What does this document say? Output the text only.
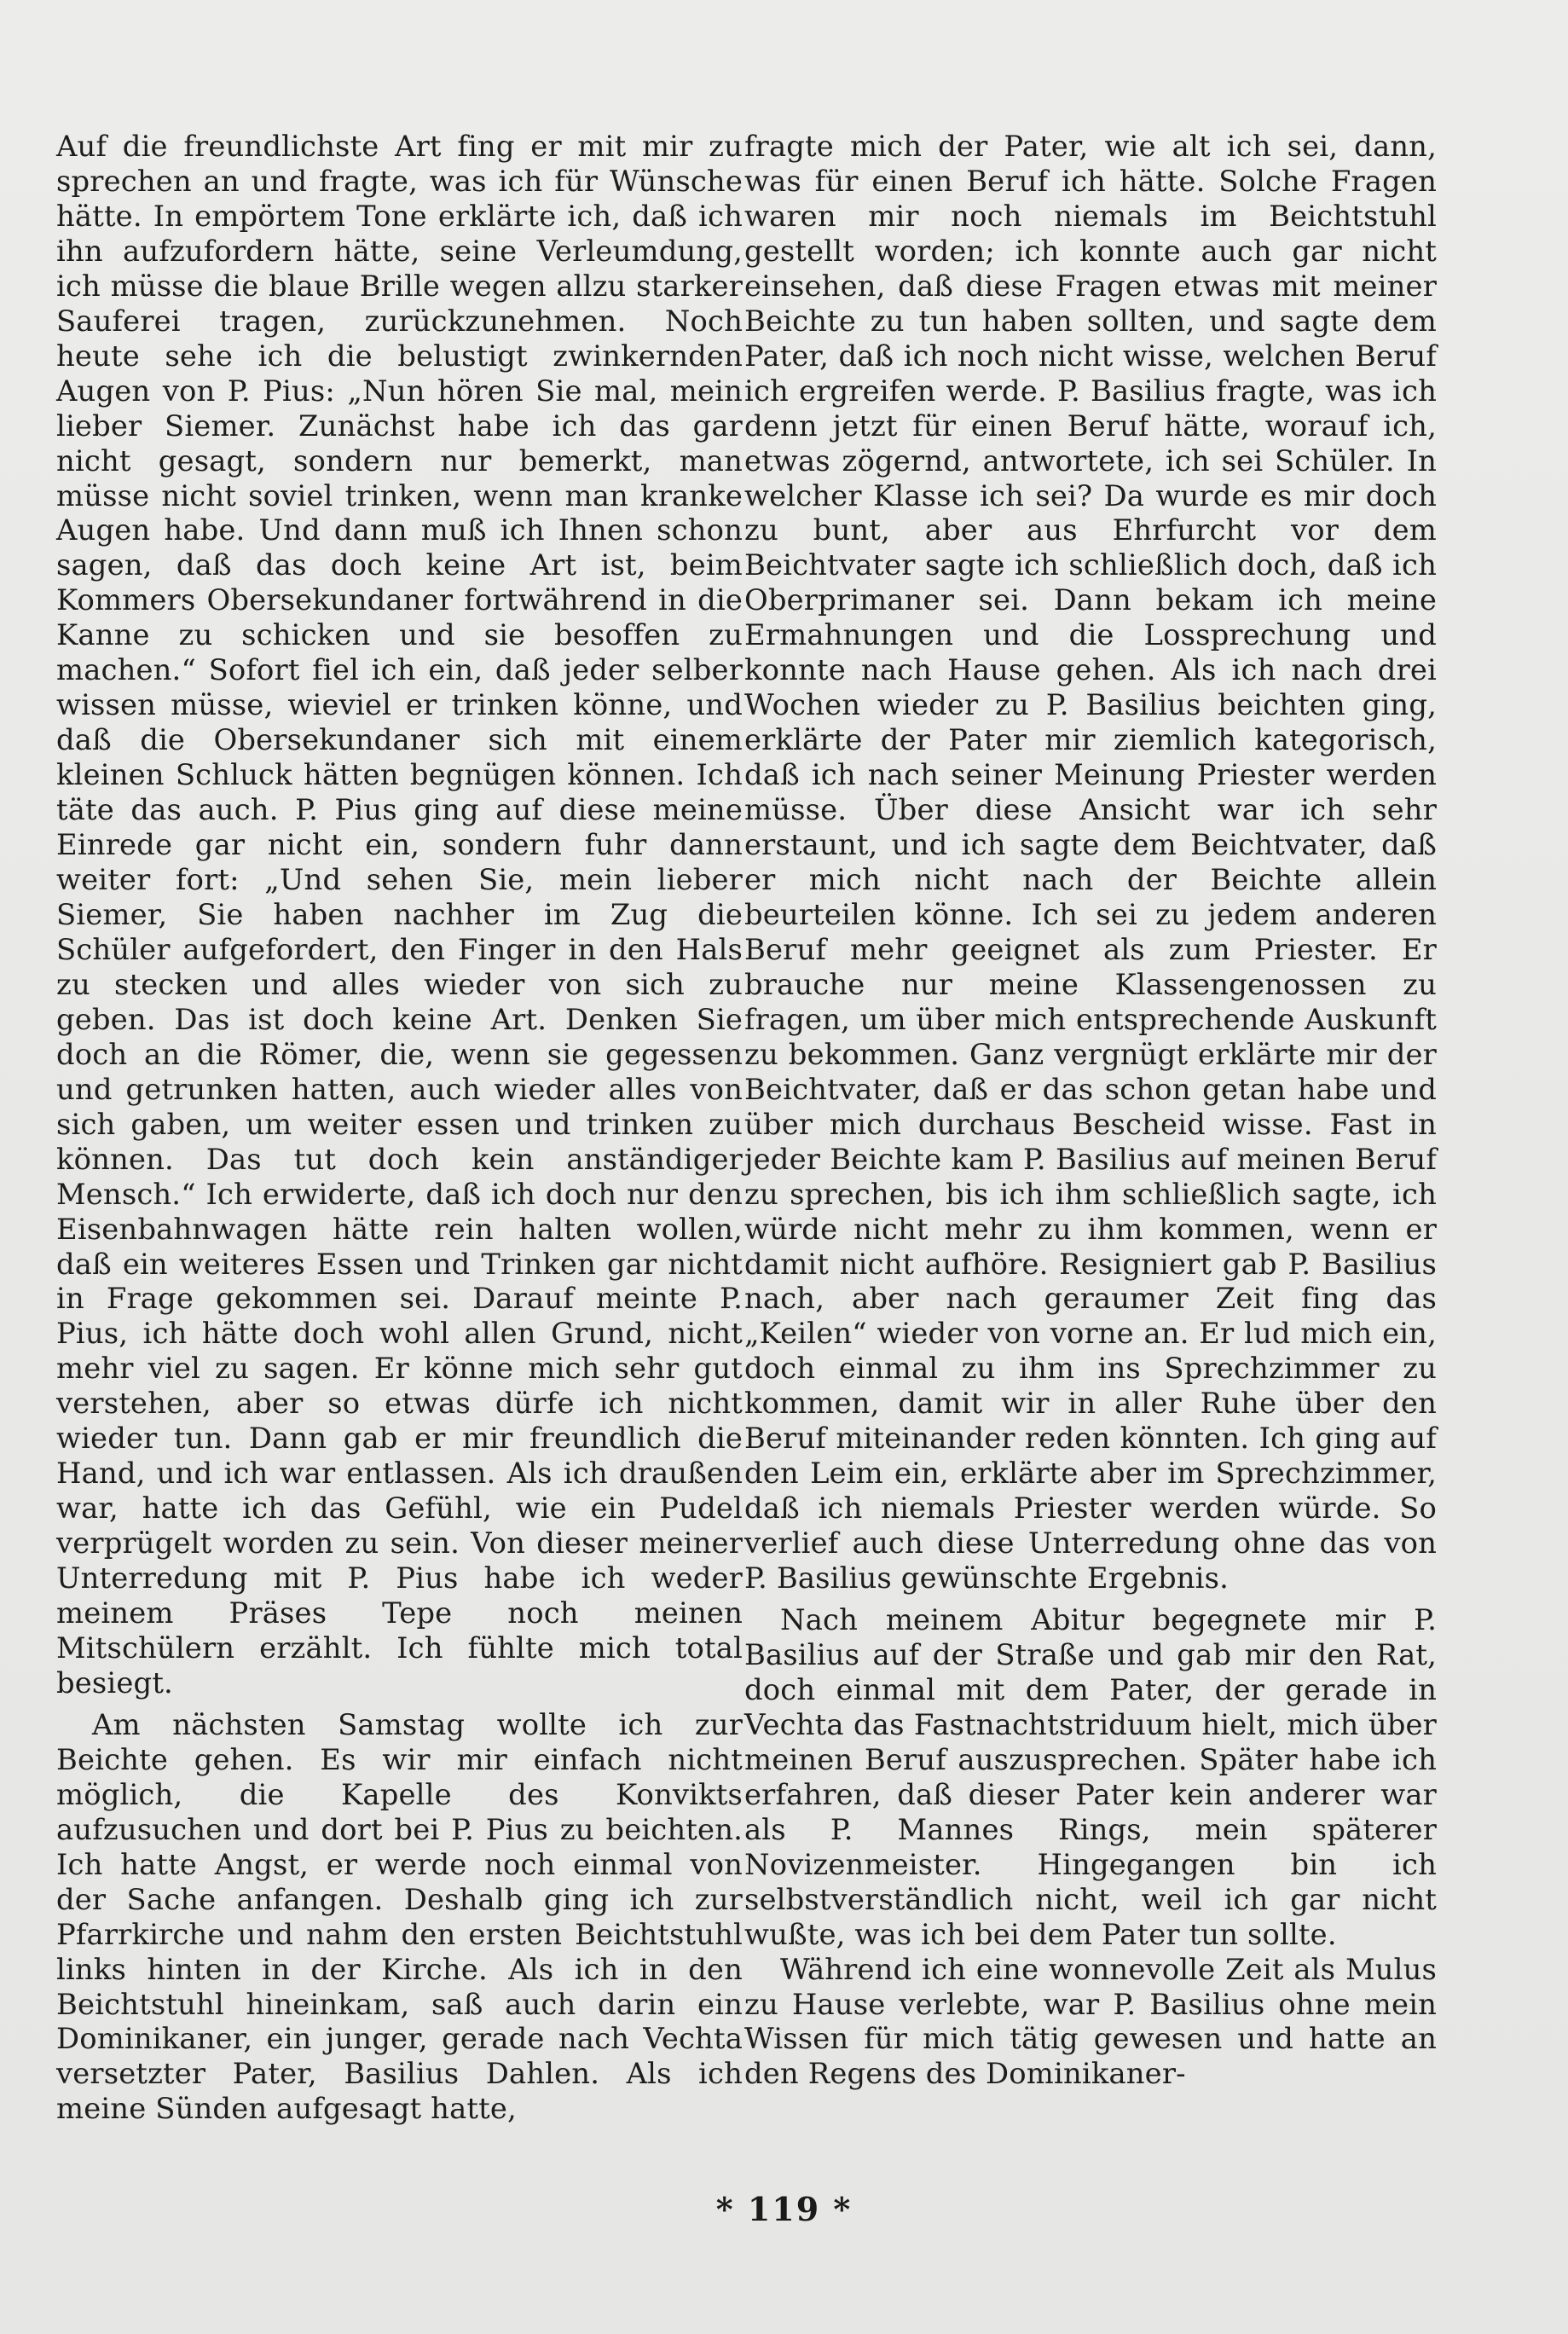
Auf die freundlichste Art fing er mit mir zu sprechen an und fragte, was ich für Wünsche hätte. In empörtem Tone erklärte ich, daß ich ihn aufzufordern hätte, seine Verleumdung, ich müsse die blaue Brille wegen allzu starker Sauferei tragen, zurückzunehmen. Noch heute sehe ich die belustigt zwinkernden Augen von P. Pius: „Nun hören Sie mal, mein lieber Siemer. Zunächst habe ich das gar nicht gesagt, sondern nur bemerkt, man müsse nicht soviel trinken, wenn man kranke Augen habe. Und dann muß ich Ihnen schon sagen, daß das doch keine Art ist, beim Kommers Obersekundaner fortwährend in die Kanne zu schicken und sie besoffen zu machen.“ Sofort fiel ich ein, daß jeder selber wissen müsse, wieviel er trinken könne, und daß die Obersekundaner sich mit einem kleinen Schluck hätten begnügen können. Ich täte das auch. P. Pius ging auf diese meine Einrede gar nicht ein, sondern fuhr dann weiter fort: „Und sehen Sie, mein lieber Siemer, Sie haben nachher im Zug die Schüler aufgefordert, den Finger in den Hals zu stecken und alles wieder von sich zu geben. Das ist doch keine Art. Denken Sie doch an die Römer, die, wenn sie gegessen und getrunken hatten, auch wieder alles von sich gaben, um weiter essen und trinken zu können. Das tut doch kein anständiger Mensch.“ Ich erwiderte, daß ich doch nur den Eisenbahnwagen hätte rein halten wollen, daß ein weiteres Essen und Trinken gar nicht in Frage gekommen sei. Darauf meinte P. Pius, ich hätte doch wohl allen Grund, nicht mehr viel zu sagen. Er könne mich sehr gut verstehen, aber so etwas dürfe ich nicht wieder tun. Dann gab er mir freundlich die Hand, und ich war entlassen. Als ich draußen war, hatte ich das Gefühl, wie ein Pudel verprügelt worden zu sein. Von dieser meiner Unterredung mit P. Pius habe ich weder meinem Präses Tepe noch meinen Mitschülern erzählt. Ich fühlte mich total besiegt.

Am nächsten Samstag wollte ich zur Beichte gehen. Es wir mir einfach nicht möglich, die Kapelle des Konvikts aufzusuchen und dort bei P. Pius zu beichten. Ich hatte Angst, er werde noch einmal von der Sache anfangen. Deshalb ging ich zur Pfarrkirche und nahm den ersten Beichtstuhl links hinten in der Kirche. Als ich in den Beichtstuhl hineinkam, saß auch darin ein Dominikaner, ein junger, gerade nach Vechta versetzter Pater, Basilius Dahlen. Als ich meine Sünden aufgesagt hatte,

fragte mich der Pater, wie alt ich sei, dann, was für einen Beruf ich hätte. Solche Fragen waren mir noch niemals im Beichtstuhl gestellt worden; ich konnte auch gar nicht einsehen, daß diese Fragen etwas mit meiner Beichte zu tun haben sollten, und sagte dem Pater, daß ich noch nicht wisse, welchen Beruf ich ergreifen werde. P. Basilius fragte, was ich denn jetzt für einen Beruf hätte, worauf ich, etwas zögernd, antwortete, ich sei Schüler. In welcher Klasse ich sei? Da wurde es mir doch zu bunt, aber aus Ehrfurcht vor dem Beichtvater sagte ich schließlich doch, daß ich Oberprimaner sei. Dann bekam ich meine Ermahnungen und die Lossprechung und konnte nach Hause gehen. Als ich nach drei Wochen wieder zu P. Basilius beichten ging, erklärte der Pater mir ziemlich kategorisch, daß ich nach seiner Meinung Priester werden müsse. Über diese Ansicht war ich sehr erstaunt, und ich sagte dem Beichtvater, daß er mich nicht nach der Beichte allein beurteilen könne. Ich sei zu jedem anderen Beruf mehr geeignet als zum Priester. Er brauche nur meine Klassengenossen zu fragen, um über mich entsprechende Auskunft zu bekommen. Ganz vergnügt erklärte mir der Beichtvater, daß er das schon getan habe und über mich durchaus Bescheid wisse. Fast in jeder Beichte kam P. Basilius auf meinen Beruf zu sprechen, bis ich ihm schließlich sagte, ich würde nicht mehr zu ihm kommen, wenn er damit nicht aufhöre. Resigniert gab P. Basilius nach, aber nach geraumer Zeit fing das „Keilen“ wieder von vorne an. Er lud mich ein, doch einmal zu ihm ins Sprechzimmer zu kommen, damit wir in aller Ruhe über den Beruf miteinander reden könnten. Ich ging auf den Leim ein, erklärte aber im Sprechzimmer, daß ich niemals Priester werden würde. So verlief auch diese Unterredung ohne das von P. Basilius gewünschte Ergebnis.

Nach meinem Abitur begegnete mir P. Basilius auf der Straße und gab mir den Rat, doch einmal mit dem Pater, der gerade in Vechta das Fastnachtstriduum hielt, mich über meinen Beruf auszusprechen. Später habe ich erfahren, daß dieser Pater kein anderer war als P. Mannes Rings, mein späterer Novizenmeister. Hingegangen bin ich selbstverständlich nicht, weil ich gar nicht wußte, was ich bei dem Pater tun sollte.

Während ich eine wonnevolle Zeit als Mulus zu Hause verlebte, war P. Basilius ohne mein Wissen für mich tätig gewesen und hatte an den Regens des Dominikaner-

* 119 *
